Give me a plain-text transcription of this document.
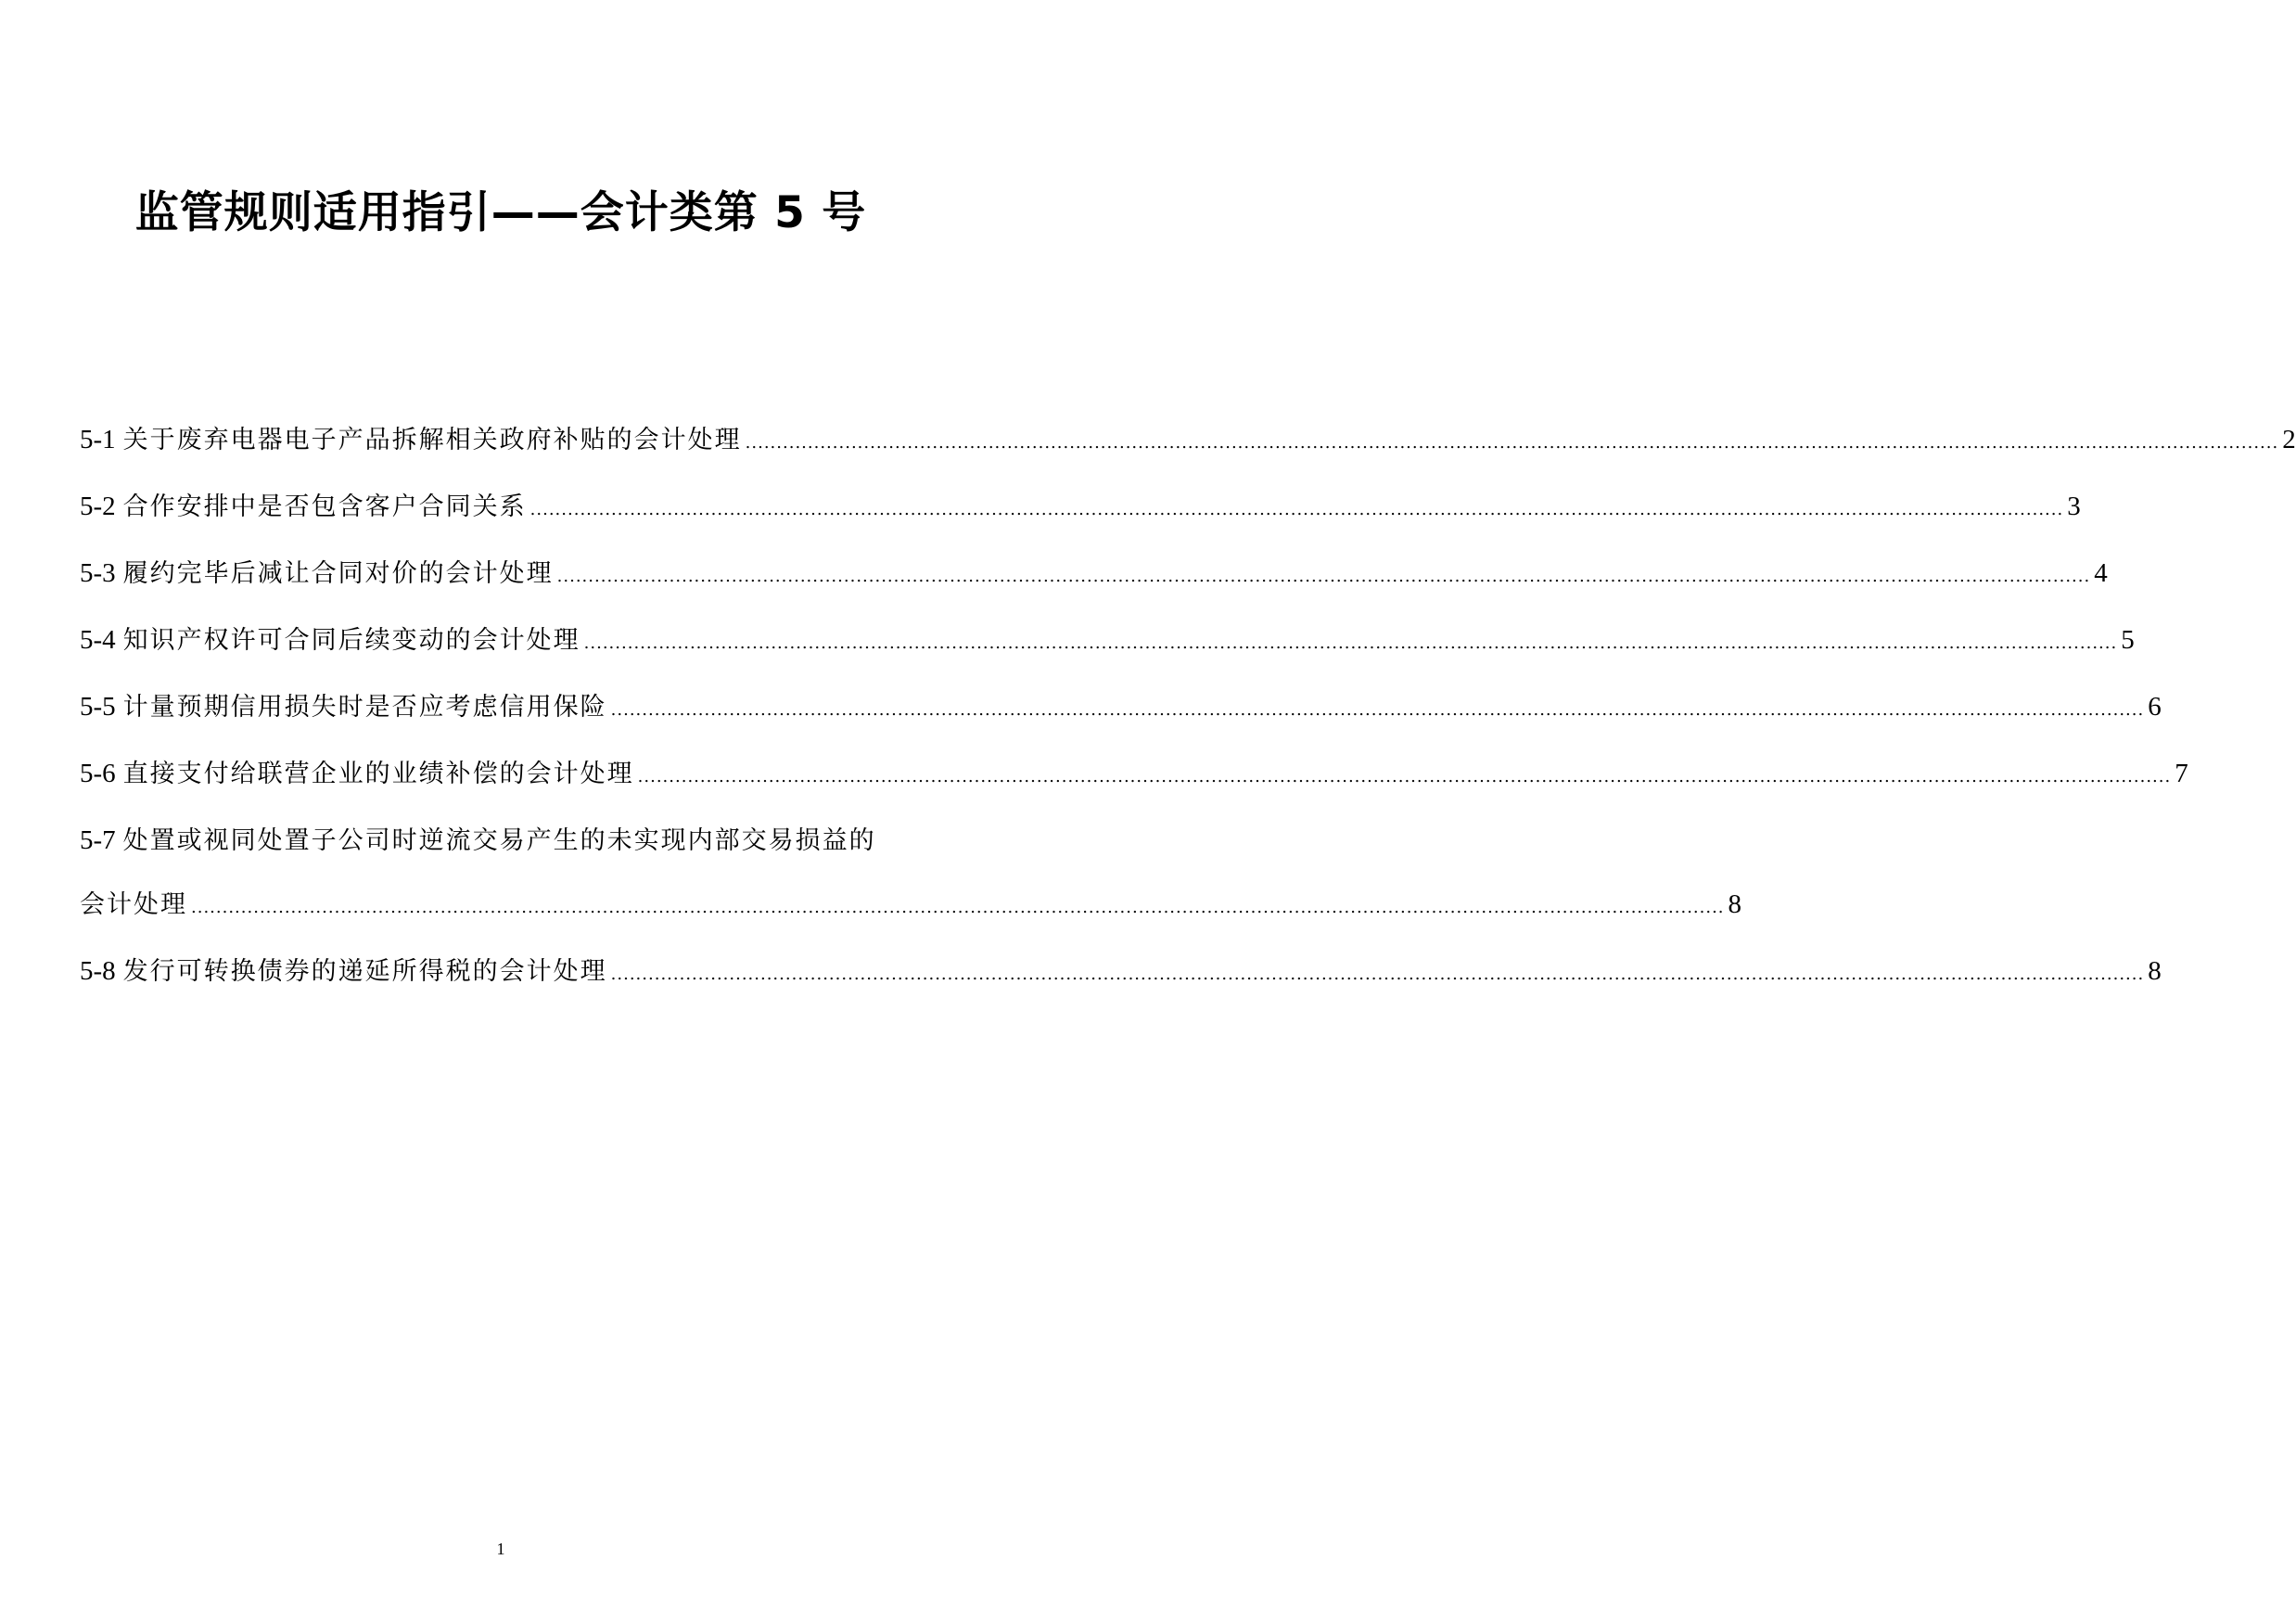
监管规则适用指引——会计类第 5 号
5-1 关于废弃电器电子产品拆解相关政府补贴的会计处理 .....	2
5-2 合作安排中是否包含客户合同关系 .....	3
5-3 履约完毕后减让合同对价的会计处理 .....	4
5-4 知识产权许可合同后续变动的会计处理 .....	5
5-5 计量预期信用损失时是否应考虑信用保险 .....	6
5-6 直接支付给联营企业的业绩补偿的会计处理 .....	7
5-7 处置或视同处置子公司时逆流交易产生的未实现内部交易损益的
会计处理 .....	8
5-8 发行可转换债券的递延所得税的会计处理 .....	8
1
